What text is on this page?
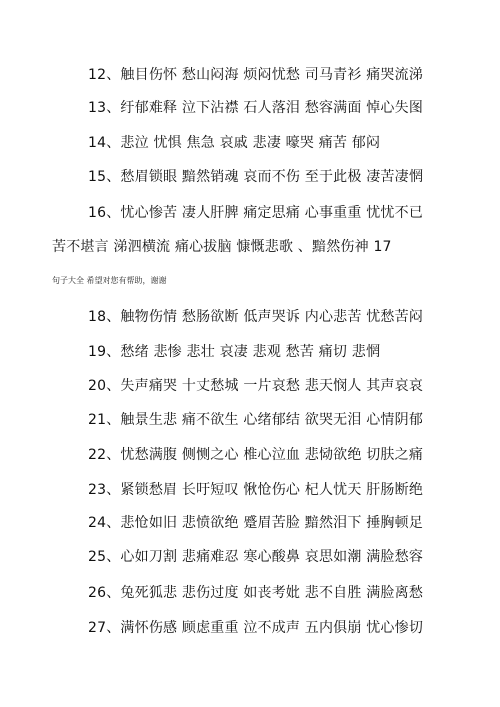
12、触目伤怀 愁山闷海 烦闷忧愁 司马青衫 痛哭流涕
13、纡郁难释 泣下沾襟 石人落泪 愁容满面 悼心失图
14、悲泣 忧惧 焦急 哀戚 悲凄 嚎哭 痛苦 郁闷
15、愁眉锁眼 黯然销魂 哀而不伤 至于此极 凄苦凄惘
16、忧心惨苦 凄人肝脾 痛定思痛 心事重重 忧忧不已
苦不堪言 涕泗横流 痛心拔脑 慷慨悲歌 、黯然伤神 17
句子大全 希望对您有帮助，谢谢
18、触物伤情 愁肠欲断 低声哭诉 内心悲苦 忧愁苦闷
19、愁绪 悲惨 悲壮 哀凄 悲观 愁苦 痛切 悲惘
20、失声痛哭 十丈愁城 一片哀愁 悲天悯人 其声哀哀
21、触景生悲 痛不欲生 心绪郁结 欲哭无泪 心情阴郁
22、忧愁满腹 侧恻之心 椎心泣血 悲恸欲绝 切肤之痛
23、紧锁愁眉 长吁短叹 愀怆伤心 杞人忧天 肝肠断绝
24、悲怆如旧 悲愤欲绝 蹙眉苦脸 黯然泪下 捶胸顿足
25、心如刀割 悲痛难忍 寒心酸鼻 哀思如潮 满脸愁容
26、兔死狐悲 悲伤过度 如丧考妣 悲不自胜 满脸离愁
27、满怀伤感 顾虑重重 泣不成声 五内俱崩 忧心惨切
